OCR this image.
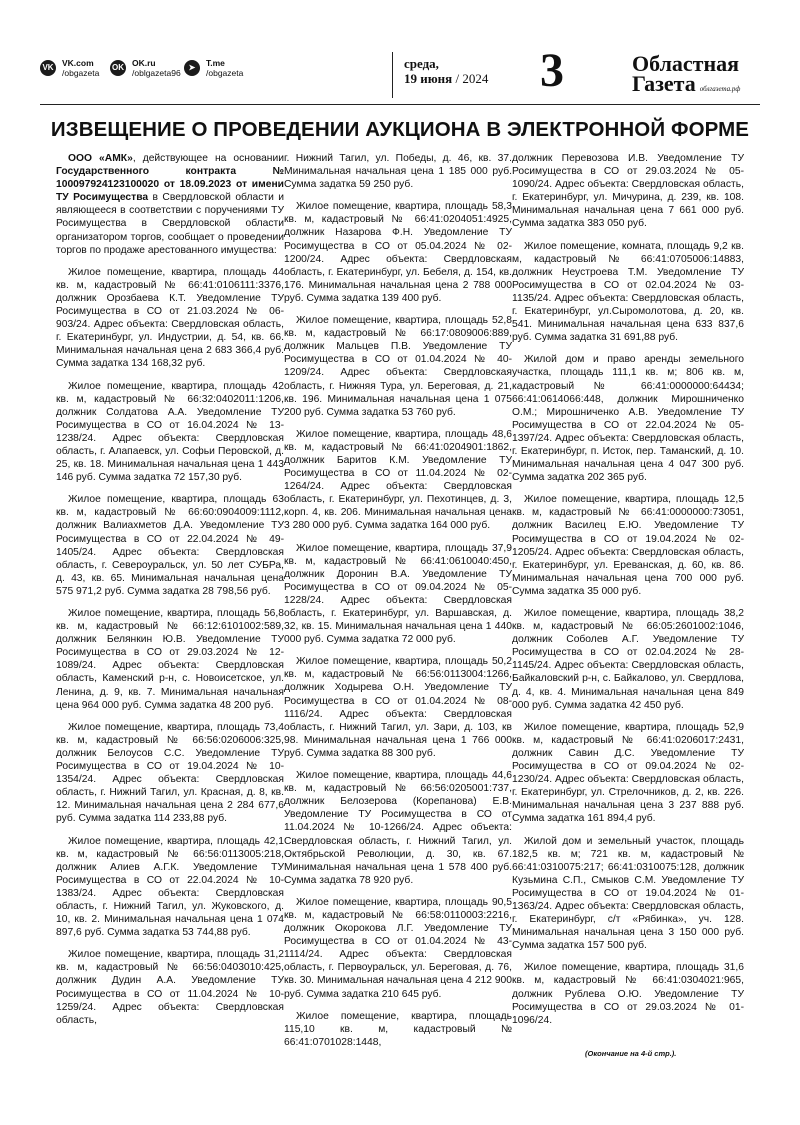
VK VK.com
/obgazeta
OK OK.ru
/oblgazeta96
➤	T.me
/obgazeta
среда,
19 июня / 2024 3	Областная
Газета облгазета.рф
ИЗВЕЩЕНИЕ О ПРОВЕДЕНИИ АУКЦИОНА В ЭЛЕКТРОННОЙ ФОРМЕ

ООО «АМК», действующее на основании Государственного контракта № 100097924123100020 от 18.09.2023 от имени ТУ Росимущества в Свердловской области и являющееся в соответствии с поручениями ТУ Росимущества в Свердловской области организатором торгов, сообщает о проведении торгов по продаже арестованного имущества:

Жилое помещение, квартира, площадь 44 кв. м, кадастровый № 66:41:0106111:3376, должник Орозбаева К.Т. Уведомление ТУ Росимущества в СО от 21.03.2024 № 06-903/24. Адрес объекта: Свердловская область, г. Екатеринбург, ул. Индустрии, д. 54, кв. 66. Минимальная начальная цена 2 683 366,4 руб. Сумма задатка 134 168,32 руб.

Жилое помещение, квартира, площадь 42 кв. м, кадастровый № 66:32:0402011:1206, должник Солдатова А.А. Уведомление ТУ Росимущества в СО от 16.04.2024 № 13-1238/24. Адрес объекта: Свердловская область, г. Алапаевск, ул. Софьи Перовской, д. 25, кв. 18. Минимальная начальная цена 1 443 146 руб. Сумма задатка 72 157,30 руб.

Жилое помещение, квартира, площадь 63 кв. м, кадастровый № 66:60:0904009:1112, должник Валиахметов Д.А. Уведомление ТУ Росимущества в СО от 22.04.2024 № 49-1405/24. Адрес объекта: Свердловская область, г. Североуральск, ул. 50 лет СУБРа, д. 43, кв. 65. Минимальная начальная цена 575 971,2 руб. Сумма задатка 28 798,56 руб.

Жилое помещение, квартира, площадь 56,8 кв. м, кадастровый № 66:12:6101002:589, должник Белянкин Ю.В. Уведомление ТУ Росимущества в СО от 29.03.2024 № 12-1089/24. Адрес объекта: Свердловская область, Каменский р-н, с. Новоисетское, ул. Ленина, д. 9, кв. 7. Минимальная начальная цена 964 000 руб. Сумма задатка 48 200 руб.

Жилое помещение, квартира, площадь 73,4 кв. м, кадастровый № 66:56:0206006:325, должник Белоусов С.С. Уведомление ТУ Росимущества в СО от 19.04.2024 № 10-1354/24. Адрес объекта: Свердловская область, г. Нижний Тагил, ул. Красная, д. 8, кв. 12. Минимальная начальная цена 2 284 677,6 руб. Сумма задатка 114 233,88 руб.

Жилое помещение, квартира, площадь 42,1 кв. м, кадастровый № 66:56:0113005:218, должник Алиев А.Г.К. Уведомление ТУ Росимущества в СО от 22.04.2024 № 10-1383/24. Адрес объекта: Свердловская область, г. Нижний Тагил, ул. Жуковского, д. 10, кв. 2. Минимальная начальная цена 1 074 897,6 руб. Сумма задатка 53 744,88 руб.

Жилое помещение, квартира, площадь 31,2 кв. м, кадастровый № 66:56:0403010:425, должник Дудин А.А. Уведомление ТУ Росимущества в СО от 11.04.2024 № 10-1259/24. Адрес объекта: Свердловская область,

г. Нижний Тагил, ул. Победы, д. 46, кв. 37. Минимальная начальная цена 1 185 000 руб. Сумма задатка 59 250 руб.

Жилое помещение, квартира, площадь 58,3 кв. м, кадастровый № 66:41:0204051:4925, должник Назарова Ф.Н. Уведомление ТУ Росимущества в СО от 05.04.2024 № 02-1200/24. Адрес объекта: Свердловская область, г. Екатеринбург, ул. Бебеля, д. 154, кв. 176. Минимальная начальная цена 2 788 000 руб. Сумма задатка 139 400 руб.

Жилое помещение, квартира, площадь 52,8 кв. м, кадастровый № 66:17:0809006:889, должник Мальцев П.В. Уведомление ТУ Росимущества в СО от 01.04.2024 № 40-1209/24. Адрес объекта: Свердловская область, г. Нижняя Тура, ул. Береговая, д. 21, кв. 196. Минимальная начальная цена 1 075 200 руб. Сумма задатка 53 760 руб.

Жилое помещение, квартира, площадь 48,6 кв. м, кадастровый № 66:41:0204901:1862, должник Баритов К.М. Уведомление ТУ Росимущества в СО от 11.04.2024 № 02-1264/24. Адрес объекта: Свердловская область, г. Екатеринбург, ул. Пехотинцев, д. 3, корп. 4, кв. 206. Минимальная начальная цена 3 280 000 руб. Сумма задатка 164 000 руб.

Жилое помещение, квартира, площадь 37,9 кв. м, кадастровый № 66:41:0610040:450, должник Доронин В.А. Уведомление ТУ Росимущества в СО от 09.04.2024 № 05-1228/24. Адрес объекта: Свердловская область, г. Екатеринбург, ул. Варшавская, д. 32, кв. 15. Минимальная начальная цена 1 440 000 руб. Сумма задатка 72 000 руб.

Жилое помещение, квартира, площадь 50,2 кв. м, кадастровый № 66:56:0113004:1266, должник Ходырева О.Н. Уведомление ТУ Росимущества в СО от 01.04.2024 № 08-1116/24. Адрес объекта: Свердловская область, г. Нижний Тагил, ул. Зари, д. 103, кв 98. Минимальная начальная цена 1 766 000 руб. Сумма задатка 88 300 руб.

Жилое помещение, квартира, площадь 44,6 кв. м, кадастровый № 66:56:0205001:737, должник Белозерова (Корепанова) Е.В. Уведомление ТУ Росимущества в СО от 11.04.2024 № 10-1266/24. Адрес объекта: Свердловская область, г. Нижний Тагил, ул. Октябрьской Революции, д. 30, кв. 67. Минимальная начальная цена 1 578 400 руб. Сумма задатка 78 920 руб.

Жилое помещение, квартира, площадь 90,5 кв. м, кадастровый № 66:58:0110003:2216, должник Окорокова Л.Г. Уведомление ТУ Росимущества в СО от 01.04.2024 № 43-1114/24. Адрес объекта: Свердловская область, г. Первоуральск, ул. Береговая, д. 76, кв. 30. Минимальная начальная цена 4 212 900 руб. Сумма задатка 210 645 руб.

Жилое помещение, квартира, площадь 115,10 кв. м, кадастровый № 66:41:0701028:1448,

должник Перевозова И.В. Уведомление ТУ Росимущества в СО от 29.03.2024 № 05-1090/24. Адрес объекта: Свердловская область, г. Екатеринбург, ул. Мичурина, д. 239, кв. 108. Минимальная начальная цена 7 661 000 руб. Сумма задатка 383 050 руб.

Жилое помещение, комната, площадь 9,2 кв. м, кадастровый № 66:41:0705006:14883, должник Неустроева Т.М. Уведомление ТУ Росимущества в СО от 02.04.2024 № 03-1135/24. Адрес объекта: Свердловская область, г. Екатеринбург, ул.Сыромолотова, д. 20, кв. 541. Минимальная начальная цена 633 837,6 руб. Сумма задатка 31 691,88 руб.

Жилой дом и право аренды земельного участка, площадь 111,1 кв. м; 806 кв. м, кадастровый № 66:41:0000000:64434; 66:41:0614066:448, должник Мирошниченко О.М.; Мирошниченко А.В. Уведомление ТУ Росимущества в СО от 22.04.2024 № 05-1397/24. Адрес объекта: Свердловская область, г. Екатеринбург, п. Исток, пер. Таманский, д. 10. Минимальная начальная цена 4 047 300 руб. Сумма задатка 202 365 руб.

Жилое помещение, квартира, площадь 12,5 кв. м, кадастровый № 66:41:0000000:73051, должник Василец Е.Ю. Уведомление ТУ Росимущества в СО от 19.04.2024 № 02-1205/24. Адрес объекта: Свердловская область, г. Екатеринбург, ул. Ереванская, д. 60, кв. 86. Минимальная начальная цена 700 000 руб. Сумма задатка 35 000 руб.

Жилое помещение, квартира, площадь 38,2 кв. м, кадастровый № 66:05:2601002:1046, должник Соболев А.Г. Уведомление ТУ Росимущества в СО от 02.04.2024 № 28-1145/24. Адрес объекта: Свердловская область, Байкаловский р-н, с. Байкалово, ул. Свердлова, д. 4, кв. 4. Минимальная начальная цена 849 000 руб. Сумма задатка 42 450 руб.

Жилое помещение, квартира, площадь 52,9 кв. м, кадастровый № 66:41:0206017:2431, должник Савин Д.С. Уведомление ТУ Росимущества в СО от 09.04.2024 № 02-1230/24. Адрес объекта: Свердловская область, г. Екатеринбург, ул. Стрелочников, д. 2, кв. 226. Минимальная начальная цена 3 237 888 руб. Сумма задатка 161 894,4 руб.

Жилой дом и земельный участок, площадь 182,5 кв. м; 721 кв. м, кадастровый № 66:41:0310075:217; 66:41:0310075:128, должник Кузьмина С.П., Смыков С.М. Уведомление ТУ Росимущества в СО от 19.04.2024 № 01-1363/24. Адрес объекта: Свердловская область, г. Екатеринбург, с/т «Рябинка», уч. 128. Минимальная начальная цена 3 150 000 руб. Сумма задатка 157 500 руб.

Жилое помещение, квартира, площадь 31,6 кв. м, кадастровый № 66:41:0304021:965, должник Рублева О.Ю. Уведомление ТУ Росимущества в СО от 29.03.2024 № 01-1096/24.

(Окончание на 4-й стр.).
